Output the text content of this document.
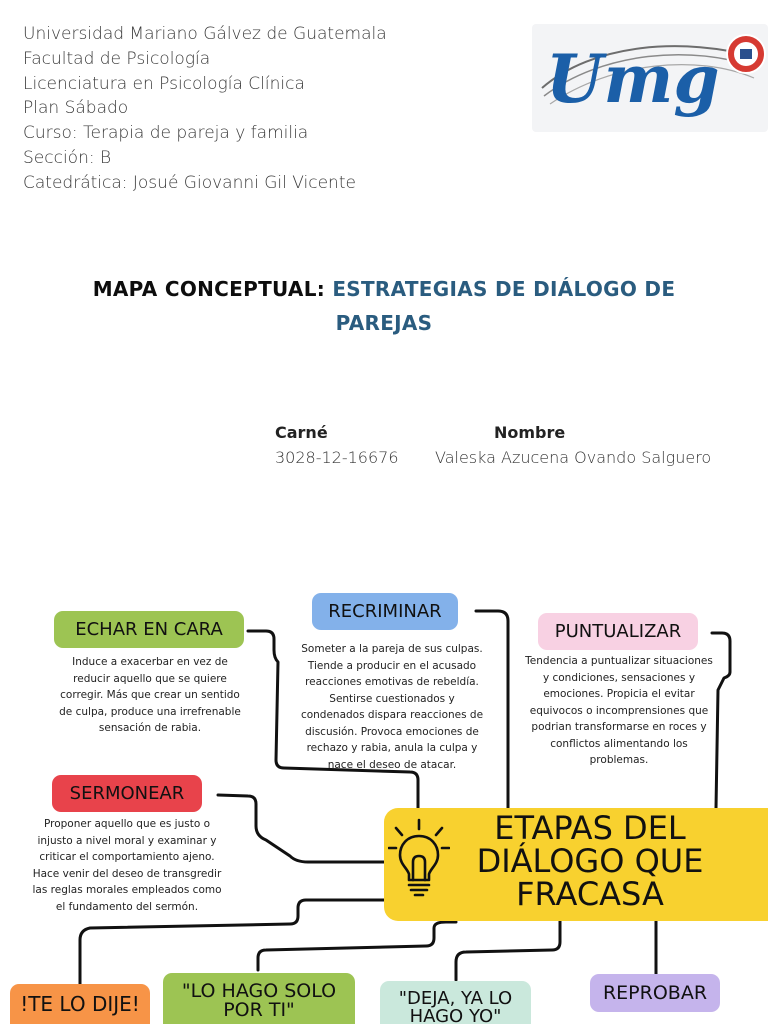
Universidad Mariano Gálvez de Guatemala
Facultad de Psicología
Licenciatura en Psicología Clínica
Plan Sábado
Curso: Terapia de pareja y familia
Sección: B
Catedrática: Josué Giovanni Gil Vicente
Umg
MAPA CONCEPTUAL: ESTRATEGIAS DE DIÁLOGO DE
PAREJAS
Carné	Nombre
3028-12-16676 Valeska Azucena Ovando Salguero
ECHAR EN CARA
Induce a exacerbar en vez de
reducir aquello que se quiere
corregir. Más que crear un sentido
de culpa, produce una irrefrenable
sensación de rabia.
RECRIMINAR
Someter a la pareja de sus culpas.
Tiende a producir en el acusado
reacciones emotivas de rebeldía.
Sentirse cuestionados y
condenados dispara reacciones de
discusión. Provoca emociones de
rechazo y rabia, anula la culpa y
nace el deseo de atacar.
PUNTUALIZAR
Tendencia a puntualizar situaciones
y condiciones, sensaciones y
emociones. Propicia el evitar
equivocos o incomprensiones que
podrian transformarse en roces y
conflictos alimentando los
problemas.
SERMONEAR
Proponer aquello que es justo o
injusto a nivel moral y examinar y
criticar el comportamiento ajeno.
Hace venir del deseo de transgredir
las reglas morales empleados como
el fundamento del sermón.
ETAPAS DEL
DIÁLOGO QUE
FRACASA
!TE LO DIJE!
"LO HAGO SOLO
POR TI"
"DEJA, YA LO
HAGO YO"
REPROBAR
